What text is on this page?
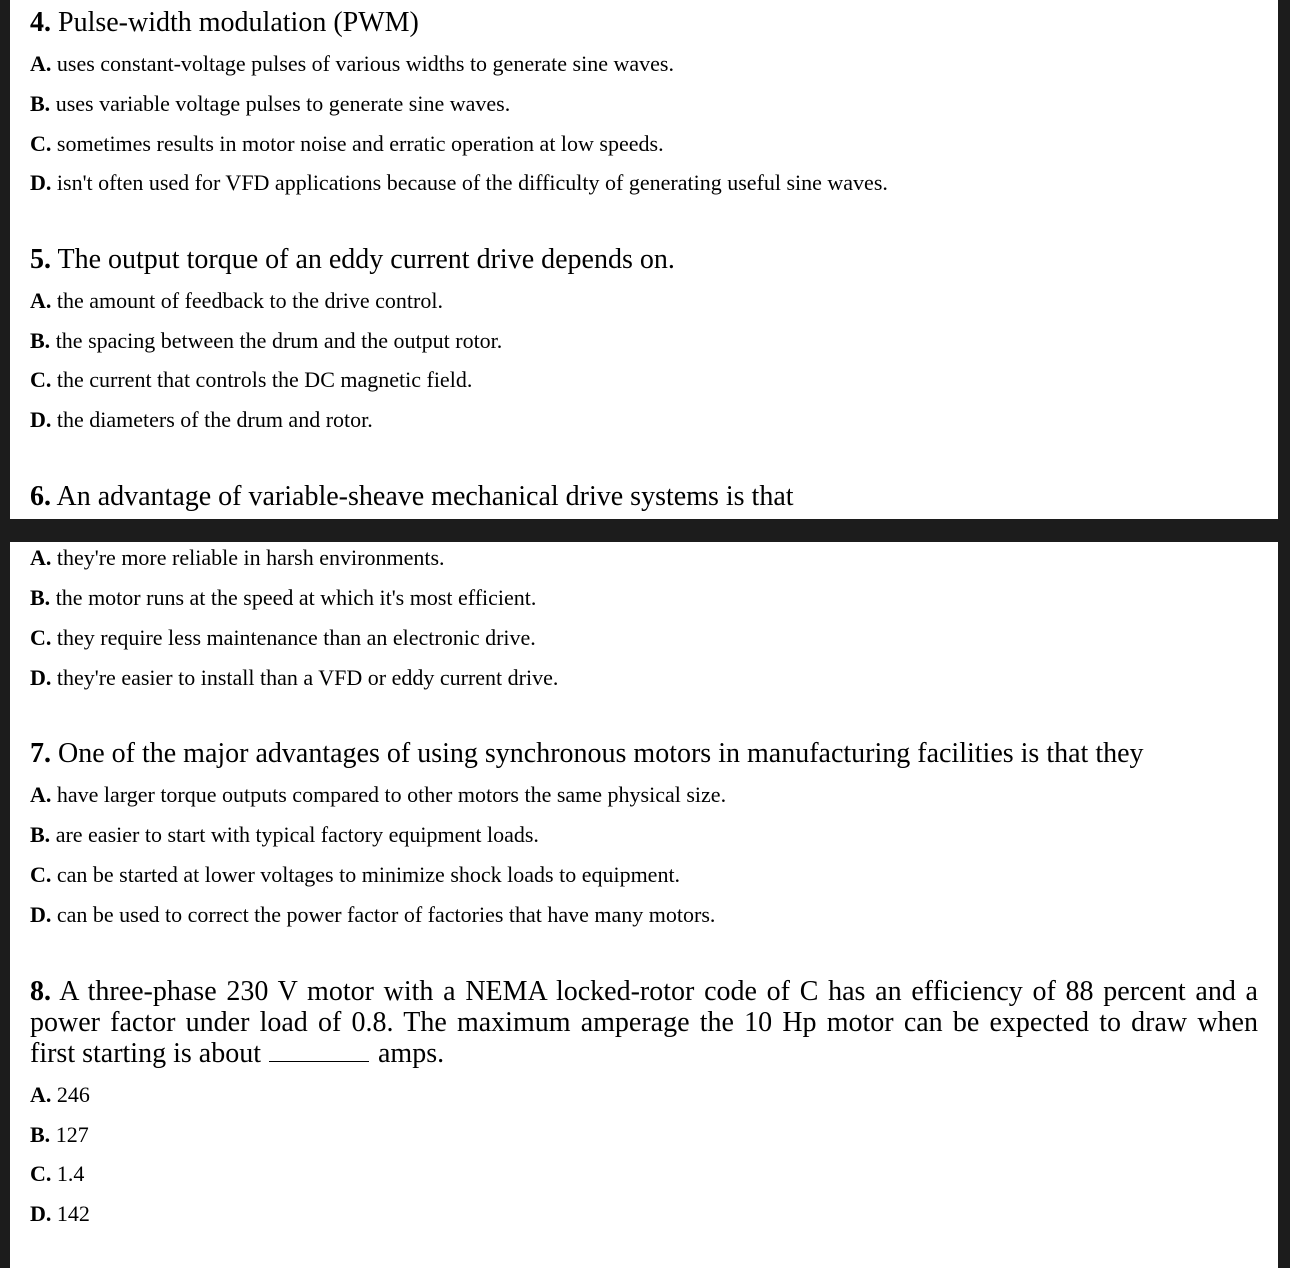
4. Pulse-width modulation (PWM)

A. uses constant-voltage pulses of various widths to generate sine waves.
B. uses variable voltage pulses to generate sine waves.
C. sometimes results in motor noise and erratic operation at low speeds.
D. isn't often used for VFD applications because of the difficulty of generating useful sine waves.

5. The output torque of an eddy current drive depends on.

A. the amount of feedback to the drive control.
B. the spacing between the drum and the output rotor.
C. the current that controls the DC magnetic field.
D. the diameters of the drum and rotor.

6. An advantage of variable-sheave mechanical drive systems is that

A. they're more reliable in harsh environments.
B. the motor runs at the speed at which it's most efficient.
C. they require less maintenance than an electronic drive.
D. they're easier to install than a VFD or eddy current drive.

7. One of the major advantages of using synchronous motors in manufacturing facilities is that they

A. have larger torque outputs compared to other motors the same physical size.
B. are easier to start with typical factory equipment loads.
C. can be started at lower voltages to minimize shock loads to equipment.
D. can be used to correct the power factor of factories that have many motors.

8. A three-phase 230 V motor with a NEMA locked-rotor code of C has an efficiency of 88 percent and a

power factor under load of 0.8. The maximum amperage the 10 Hp motor can be expected to draw when

first starting is about	amps.

A. 246
B. 127
C. 1.4
D. 142
